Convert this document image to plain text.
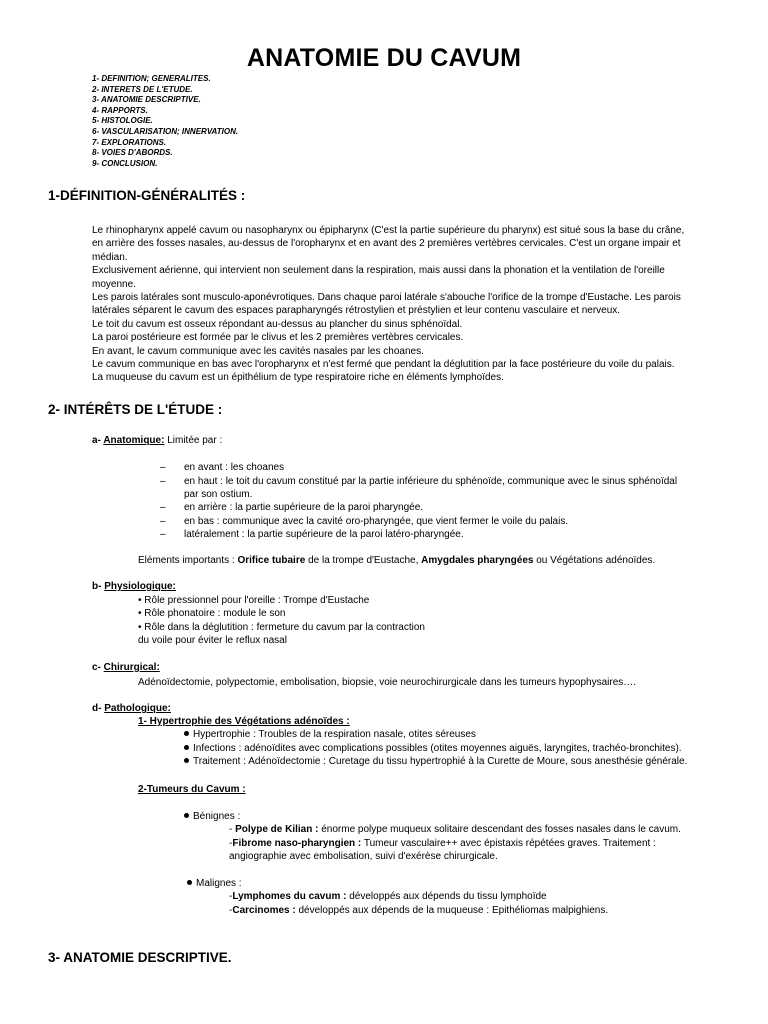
ANATOMIE DU CAVUM
1- DEFINITION; GENERALITES.
2- INTERETS DE L'ETUDE.
3- ANATOMIE DESCRIPTIVE.
4- RAPPORTS.
5- HISTOLOGIE.
6- VASCULARISATION; INNERVATION.
7- EXPLORATIONS.
8- VOIES D'ABORDS.
9- CONCLUSION.
1-DÉFINITION-GÉNÉRALITÉS :
Le rhinopharynx appelé cavum ou nasopharynx ou épipharynx (C'est la partie supérieure du pharynx) est situé sous la base du crâne,
en arrière des fosses nasales, au-dessus de l'oropharynx et en avant des 2 premières vertèbres cervicales. C'est un organe impair et
médian.
Exclusivement aérienne, qui intervient non seulement dans la respiration, mais aussi dans la phonation et la ventilation de l'oreille
moyenne.
Les parois latérales sont musculo-aponévrotiques. Dans chaque paroi latérale s'abouche l'orifice de la trompe d'Eustache. Les parois
latérales séparent le cavum des espaces parapharyngés rétrostylien et préstylien et leur contenu vasculaire et nerveux.
Le toit du cavum est osseux répondant au-dessus au plancher du sinus sphénoïdal.
La paroi postérieure est formée par le clivus et les 2 premières vertèbres cervicales.
En avant, le cavum communique avec les cavités nasales par les choanes.
Le cavum communique en bas avec l'oropharynx et n'est fermé que pendant la déglutition par la face postérieure du voile du palais.
La muqueuse du cavum est un épithélium de type respiratoire riche en éléments lymphoïdes.
2- INTÉRÊTS DE L'ÉTUDE :
a- Anatomique: Limitée par :
– en avant : les choanes
– en haut : le toit du cavum constitué par la partie inférieure du sphénoïde, communique avec le sinus sphénoïdal
par son ostium.
– en arrière : la partie supérieure de la paroi pharyngée.
– en bas : communique avec la cavité oro-pharyngée, que vient fermer le voile du palais.
– latéralement : la partie supérieure de la paroi latéro-pharyngée.
Eléments importants : Orifice tubaire de la trompe d'Eustache, Amygdales pharyngées ou Végétations adénoïdes.
b- Physiologique:
• Rôle pressionnel pour l'oreille : Trompe d'Eustache
• Rôle phonatoire : module le son
• Rôle dans la déglutition : fermeture du cavum par la contraction
du voile pour éviter le reflux nasal
c- Chirurgical:
Adénoïdectomie, polypectomie, embolisation, biopsie, voie neurochirurgicale dans les tumeurs hypophysaires….
d- Pathologique:
1- Hypertrophie des Végétations adénoïdes :
Hypertrophie : Troubles de la respiration nasale, otites séreuses
Infections : adénoïdites avec complications possibles (otites moyennes aiguës, laryngites, trachéo-bronchites).
Traitement : Adénoïdectomie : Curetage du tissu hypertrophié à la Curette de Moure, sous anesthésie générale.
2-Tumeurs du Cavum :
Bénignes :
- Polype de Kilian : énorme polype muqueux solitaire descendant des fosses nasales dans le cavum.
-Fibrome naso-pharyngien : Tumeur vasculaire++ avec épistaxis répétées graves. Traitement :
angiographie avec embolisation, suivi d'exérèse chirurgicale.
Malignes :
-Lymphomes du cavum : développés aux dépends du tissu lymphoïde
-Carcinomes : développés aux dépends de la muqueuse : Epithéliomas malpighiens.
3- ANATOMIE DESCRIPTIVE.
